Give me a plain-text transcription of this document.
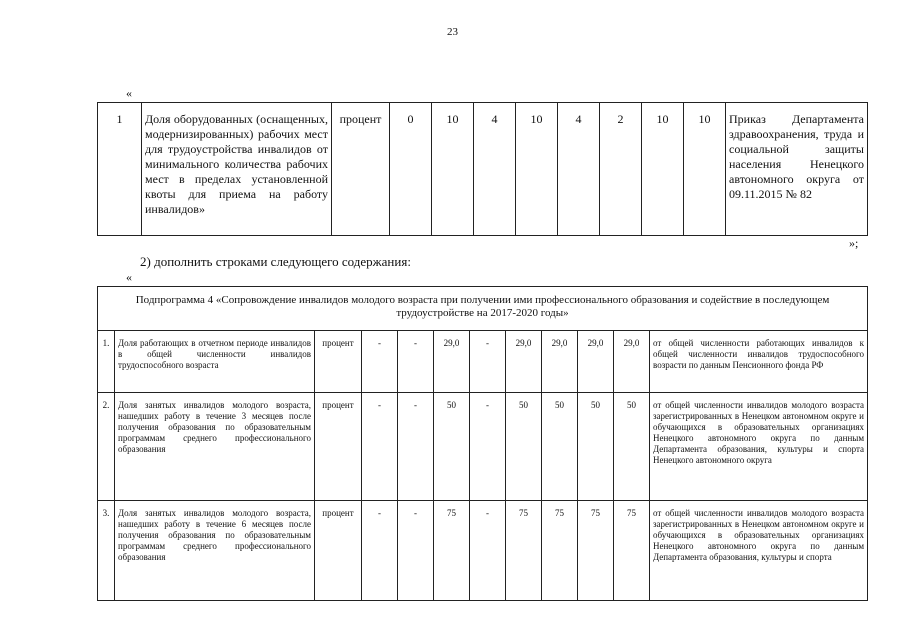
23
«
1	Доля оборудованных (оснащенных, модернизированных) рабочих мест для трудоустройства инвалидов от минимального количества рабочих мест в пределах установленной квоты для приема на работу инвалидов»	процент	0	10	4	10	4	2	10	10	Приказ Департамента здравоохранения, труда и социальной защиты населения Ненецкого автономного округа от 09.11.2015 № 82
»;
2) дополнить строками следующего содержания:
«
Подпрограмма 4 «Сопровождение инвалидов молодого возраста при получении ими профессионального образования и содействие в последующем трудоустройстве на 2017-2020 годы»											
1.	Доля работающих в отчетном периоде инвалидов в общей численности инвалидов трудоспособного возраста	процент	-	-	29,0	-	29,0	29,0	29,0	29,0	от общей численности работающих инвалидов к общей численности инвалидов трудоспособного возрасти по данным Пенсионного фонда РФ
2.	Доля занятых инвалидов молодого возраста, нашедших работу в течение 3 месяцев после получения образования по образовательным программам среднего профессионального образования	процент	-	-	50	-	50	50	50	50	от общей численности инвалидов молодого возраста зарегистрированных в Ненецком автономном округе и обучающихся в образовательных организациях Ненецкого автономного округа по данным Департамента образования, культуры и спорта Ненецкого автономного округа
3.	Доля занятых инвалидов молодого возраста, нашедших работу в течение 6 месяцев после получения образования по образовательным программам среднего профессионального образования	процент	-	-	75	-	75	75	75	75	от общей численности инвалидов молодого возраста зарегистрированных в Ненецком автономном округе и обучающихся в образовательных организациях Ненецкого автономного округа по данным Департамента образования, культуры и спорта
